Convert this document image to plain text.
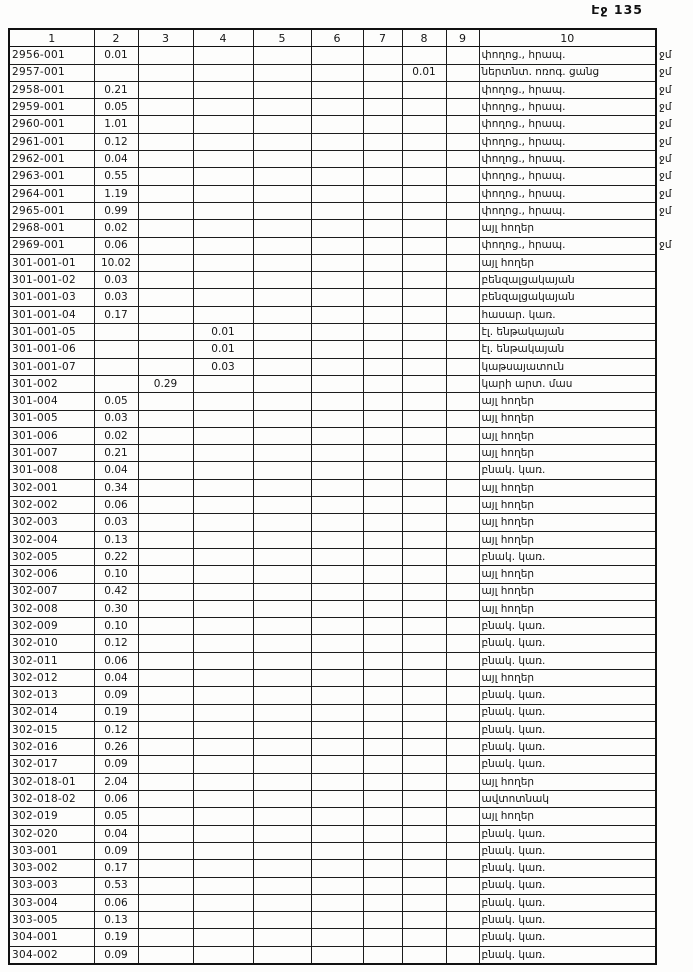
Էջ 135
1	2	3	4	5	6	7	8	9	10	
2956-001	0.01								փողոց., հրապ.	ջմ
2957-001							0.01		ներտնտ. ոռոգ. ցանց	ջմ
2958-001	0.21								փողոց., հրապ.	ջմ
2959-001	0.05								փողոց., հրապ.	ջմ
2960-001	1.01								փողոց., հրապ.	ջմ
2961-001	0.12								փողոց., հրապ.	ջմ
2962-001	0.04								փողոց., հրապ.	ջմ
2963-001	0.55								փողոց., հրապ.	ջմ
2964-001	1.19								փողոց., հրապ.	ջմ
2965-001	0.99								փողոց., հրապ.	ջմ
2968-001	0.02								այլ հողեր	
2969-001	0.06								փողոց., հրապ.	ջմ
301-001-01	10.02								այլ հողեր	
301-001-02	0.03								բենզալցակայան	
301-001-03	0.03								բենզալցակայան	
301-001-04	0.17								հասար. կառ.	
301-001-05			0.01						էլ. ենթակայան	
301-001-06			0.01						էլ. ենթակայան	
301-001-07			0.03						կաթսայատուն	
301-002		0.29							կարի արտ. մաս	
301-004	0.05								այլ հողեր	
301-005	0.03								այլ հողեր	
301-006	0.02								այլ հողեր	
301-007	0.21								այլ հողեր	
301-008	0.04								բնակ. կառ.	
302-001	0.34								այլ հողեր	
302-002	0.06								այլ հողեր	
302-003	0.03								այլ հողեր	
302-004	0.13								այլ հողեր	
302-005	0.22								բնակ. կառ.	
302-006	0.10								այլ հողեր	
302-007	0.42								այլ հողեր	
302-008	0.30								այլ հողեր	
302-009	0.10								բնակ. կառ.	
302-010	0.12								բնակ. կառ.	
302-011	0.06								բնակ. կառ.	
302-012	0.04								այլ հողեր	
302-013	0.09								բնակ. կառ.	
302-014	0.19								բնակ. կառ.	
302-015	0.12								բնակ. կառ.	
302-016	0.26								բնակ. կառ.	
302-017	0.09								բնակ. կառ.	
302-018-01	2.04								այլ հողեր	
302-018-02	0.06								ավտոտնակ	
302-019	0.05								այլ հողեր	
302-020	0.04								բնակ. կառ.	
303-001	0.09								բնակ. կառ.	
303-002	0.17								բնակ. կառ.	
303-003	0.53								բնակ. կառ.	
303-004	0.06								բնակ. կառ.	
303-005	0.13								բնակ. կառ.	
304-001	0.19								բնակ. կառ.	
304-002	0.09								բնակ. կառ.	
